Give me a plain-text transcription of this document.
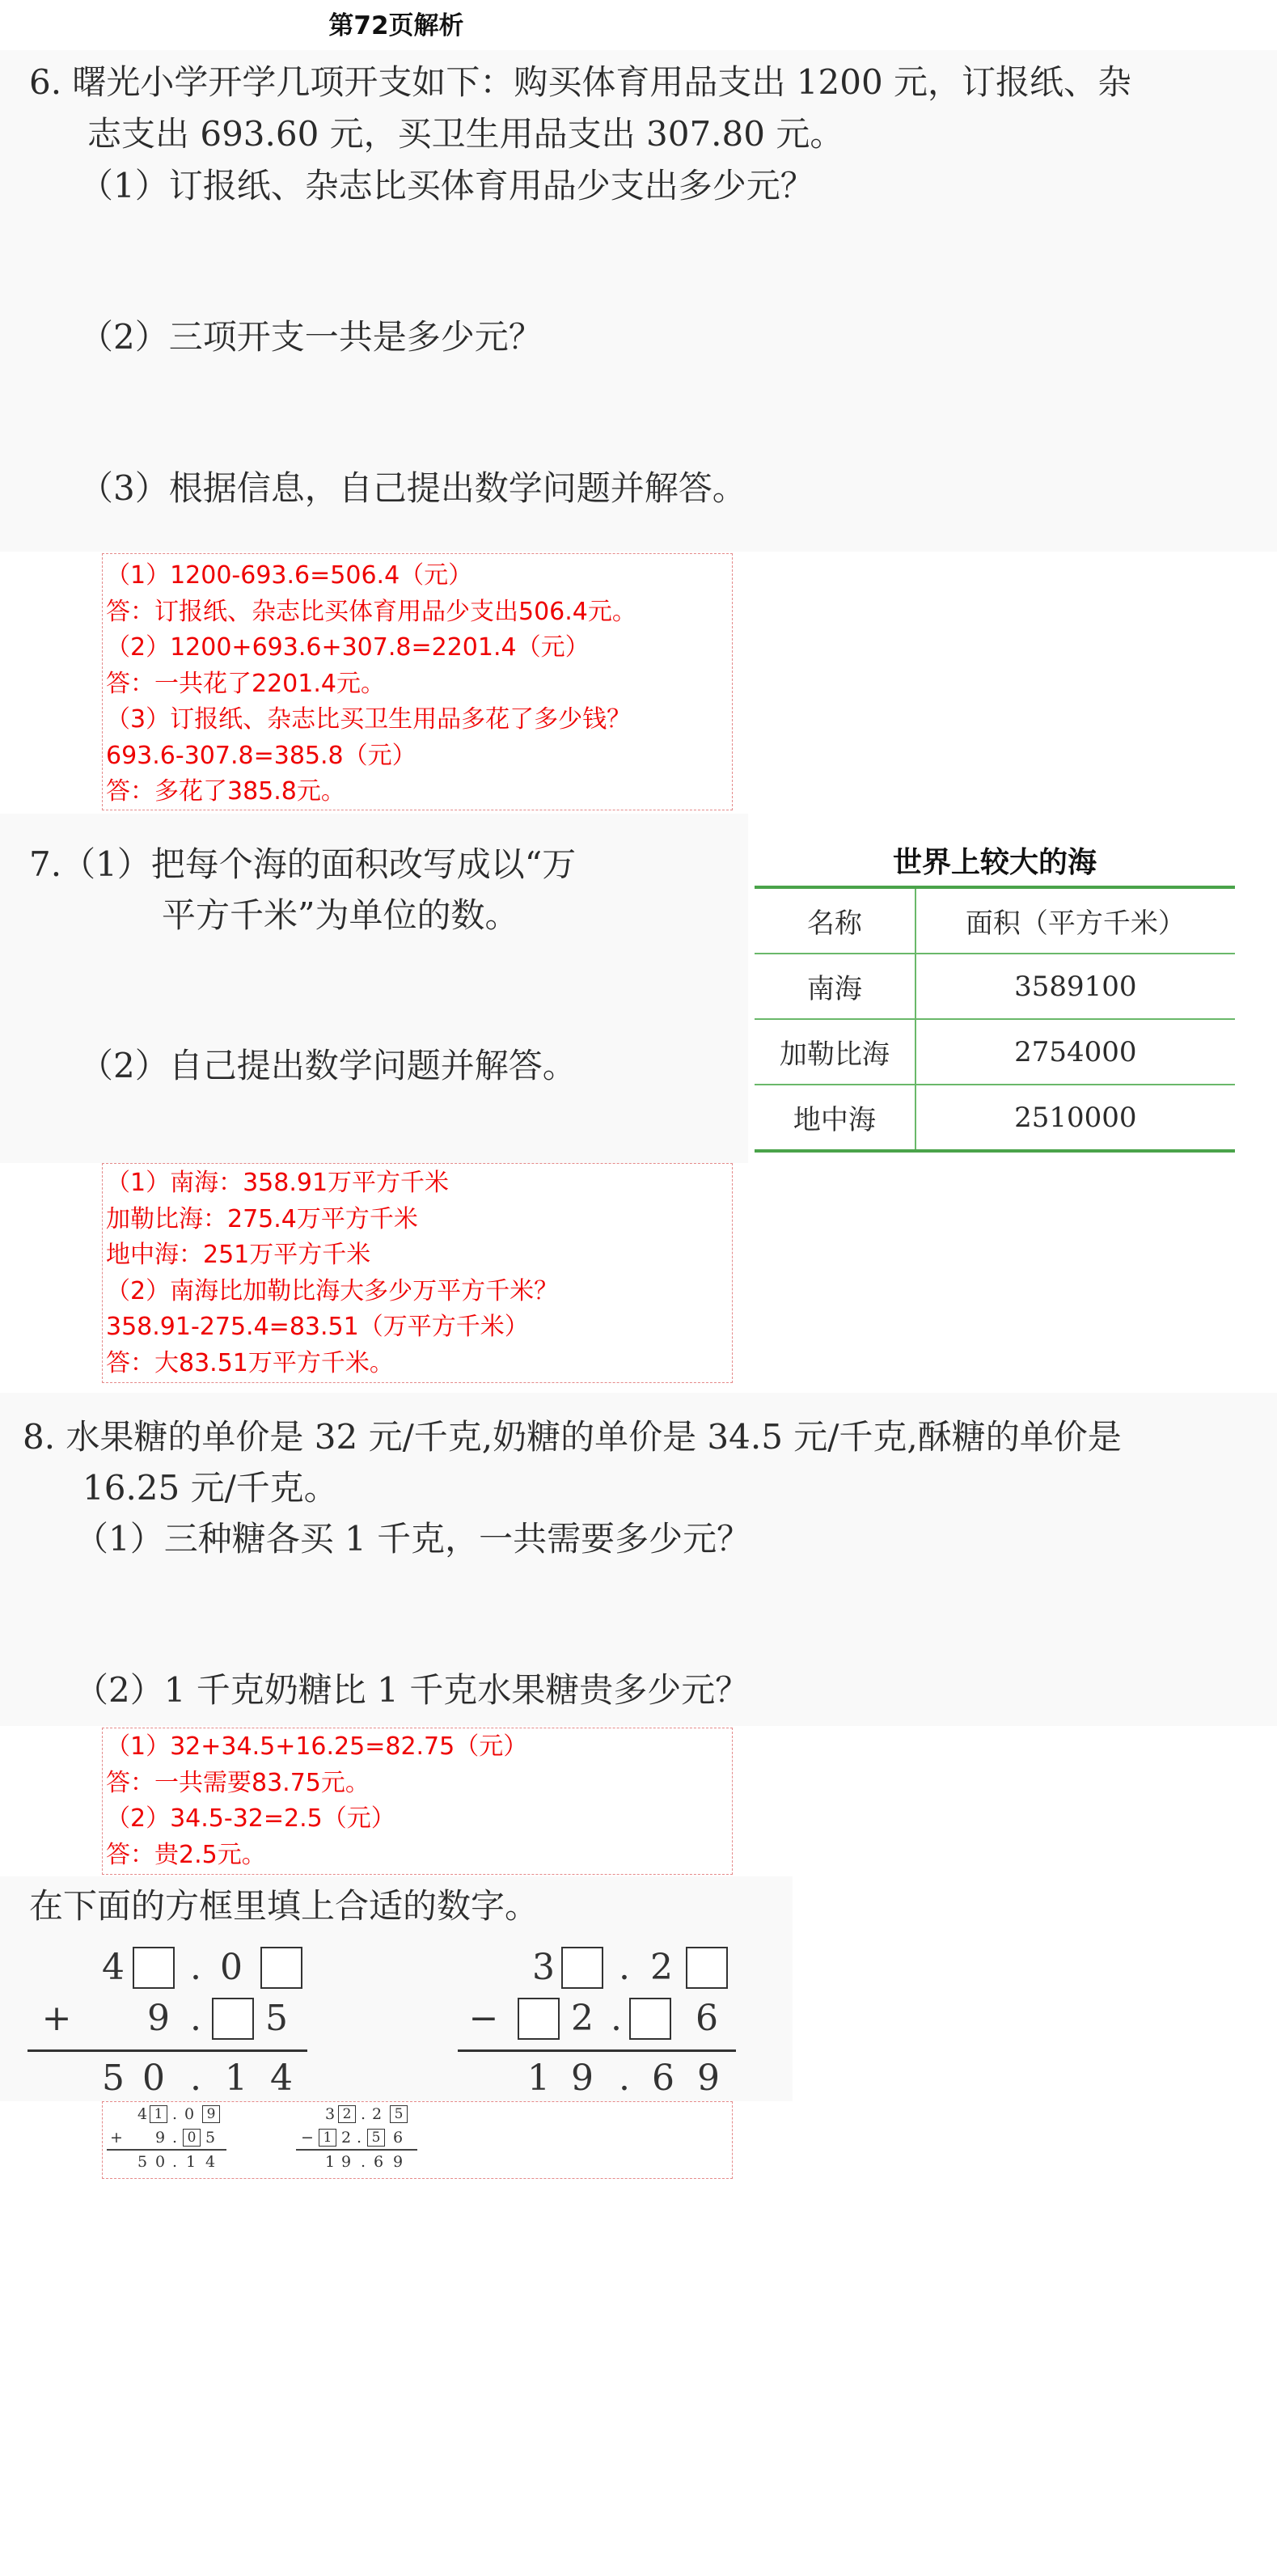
第72页解析
6. 曙光小学开学几项开支如下：购买体育用品支出 1200 元，订报纸、杂
志支出 693.60 元，买卫生用品支出 307.80 元。
（1）订报纸、杂志比买体育用品少支出多少元？
（2）三项开支一共是多少元？
（3）根据信息，自己提出数学问题并解答。
（1）1200-693.6=506.4（元）
答：订报纸、杂志比买体育用品少支出506.4元。
（2）1200+693.6+307.8=2201.4（元）
答：一共花了2201.4元。
（3）订报纸、杂志比买卫生用品多花了多少钱？
693.6-307.8=385.8（元）
答：多花了385.8元。
7.（1）把每个海的面积改写成以“万
平方千米”为单位的数。
（2）自己提出数学问题并解答。
世界上较大的海
名称	面积（平方千米）
南海	3589100
加勒比海	2754000
地中海	2510000
（1）南海：358.91万平方千米
加勒比海：275.4万平方千米
地中海：251万平方千米
（2）南海比加勒比海大多少万平方千米？
358.91-275.4=83.51（万平方千米）
答：大83.51万平方千米。
8. 水果糖的单价是 32 元/千克,奶糖的单价是 34.5 元/千克,酥糖的单价是
16.25 元/千克。
（1）三种糖各买 1 千克，一共需要多少元？
（2）1 千克奶糖比 1 千克水果糖贵多少元？
（1）32+34.5+16.25=82.75（元）
答：一共需要83.75元。
（2）34.5-32=2.5（元）
答：贵2.5元。
在下面的方框里填上合适的数字。
4 . 0
+ 9 . 5
5 0 . 1 4
3 . 2
− 2 . 6
1 9 . 6 9
4 1 . 0 9
+ 9 . 0 5
5 0 . 1 4
3 2 . 2 5
− 1 2 . 5 6
1 9 . 6 9
